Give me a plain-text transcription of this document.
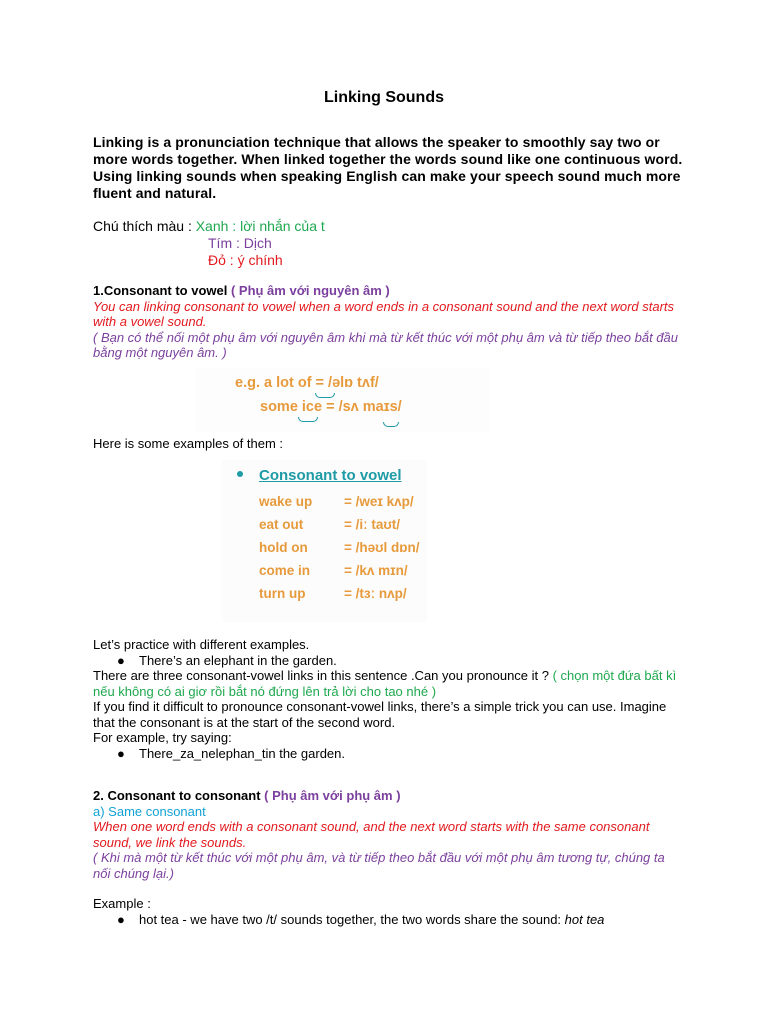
Linking Sounds
Linking is a pronunciation technique that allows the speaker to smoothly say two or more words together. When linked together the words sound like one continuous word. Using linking sounds when speaking English can make your speech sound much more fluent and natural.
Chú thích màu : Xanh : lời nhắn của t
Tím : Dịch
Đỏ : ý chính
1.Consonant to vowel ( Phụ âm với nguyên âm )
You can linking consonant to vowel when a word ends in a consonant sound and the next word starts with a vowel sound.
( Bạn có thể nối một phụ âm với nguyên âm khi mà từ kết thúc với một phụ âm và từ tiếp theo bắt đầu bằng một nguyên âm. )
e.g. a lot of = /əlɒ tʌf/
some ice = /sʌ maɪs/
Here is some examples of them :
Consonant to vowel
wake up = /weɪ kʌp/
eat out	= /iː taʊt/
hold on	= /həʊl dɒn/
come in	= /kʌ mɪn/
turn up	= /tɜː nʌp/
Let’s practice with different examples.
● There’s an elephant in the garden.
There are three consonant-vowel links in this sentence .Can you pronounce it ? ( chọn một đứa bất kì nếu không có ai giơ rồi bắt nó đứng lên trả lời cho tao nhé )
If you find it difficult to pronounce consonant-vowel links, there’s a simple trick you can use. Imagine that the consonant is at the start of the second word.
For example, try saying:
● There_za_nelephan_tin the garden.
2. Consonant to consonant ( Phụ âm với phụ âm )
a) Same consonant
When one word ends with a consonant sound, and the next word starts with the same consonant sound, we link the sounds.
( Khi mà một từ kết thúc với một phụ âm, và từ tiếp theo bắt đầu với một phụ âm tương tự, chúng ta nối chúng lại.)
Example :
● hot tea - we have two /t/ sounds together, the two words share the sound: hot tea
